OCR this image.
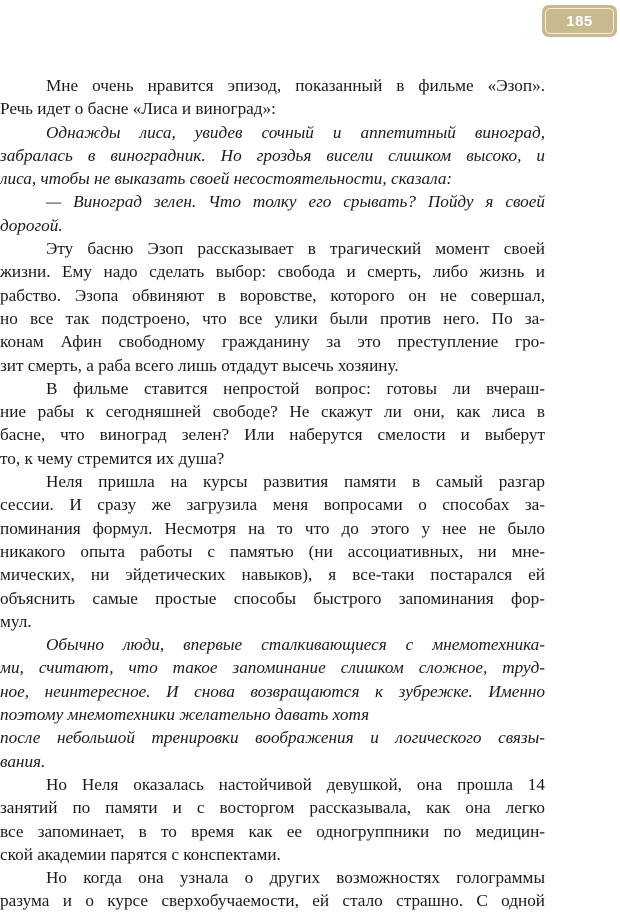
185
Мне очень нравится эпизод, показанный в фильме «Эзоп».
Речь идет о басне «Лиса и виноград»:
Однажды лиса, увидев сочный и аппетитный виноград,
забралась в виноградник. Но гроздья висели слишком высоко, и
лиса, чтобы не выказать своей несостоятельности, сказала:
— Виноград зелен. Что толку его срывать? Пойду я своей
дорогой.
Эту басню Эзоп рассказывает в трагический момент своей
жизни. Ему надо сделать выбор: свобода и смерть, либо жизнь и
рабство. Эзопа обвиняют в воровстве, которого он не совершал,
но все так подстроено, что все улики были против него. По за-
конам Афин свободному гражданину за это преступление гро-
зит смерть, а раба всего лишь отдадут высечь хозяину.
В фильме ставится непростой вопрос: готовы ли вчераш-
ние рабы к сегодняшней свободе? Не скажут ли они, как лиса в
басне, что виноград зелен? Или наберутся смелости и выберут
то, к чему стремится их душа?
Неля пришла на курсы развития памяти в самый разгар
сессии. И сразу же загрузила меня вопросами о способах за-
поминания формул. Несмотря на то что до этого у нее не было
никакого опыта работы с памятью (ни ассоциативных, ни мне-
мических, ни эйдетических навыков), я все-таки постарался ей
объяснить самые простые способы быстрого запоминания фор-
мул.
Обычно люди, впервые сталкивающиеся с мнемотехника-
ми, считают, что такое запоминание слишком сложное, труд-
ное, неинтересное. И снова возвращаются к зубрежке. Именно
поэтому мнемотехники желательно давать хотя
после небольшой тренировки воображения и логического связы-
вания.
Но Неля оказалась настойчивой девушкой, она прошла 14
занятий по памяти и с восторгом рассказывала, как она легко
все запоминает, в то время как ее одногруппники по медицин-
ской академии парятся с конспектами.
Но когда она узнала о других возможностях голограммы
разума и о курсе сверхобучаемости, ей стало страшно. С одной
